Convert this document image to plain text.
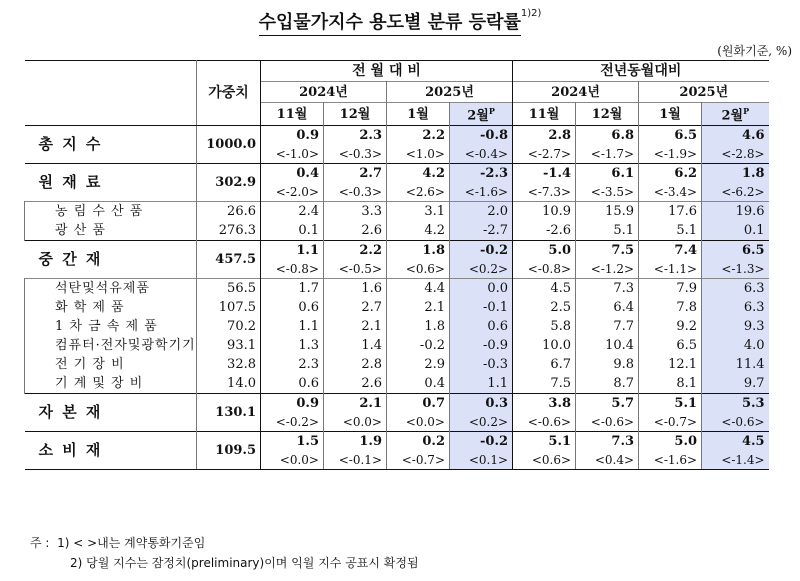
수입물가지수 용도별 분류 등락률$^{1)2)}$
(원화기준, %)
	가중치	전 월 대 비				전년동월대비			
		2024년		2025년		2024년		2025년	
		11월	12월	1월	2월$^P$	11월	12월	1월	2월$^P$
총 지 수	1000.0	0.9	2.3	2.2	-0.8	2.8	6.8	6.5	4.6
		<-1.0>	<-0.3>	<1.0>	<-0.4>	<-2.7>	<-1.7>	<-1.9>	<-2.8>
원 재 료	302.9	0.4	2.7	4.2	-2.3	-1.4	6.1	6.2	1.8
		<-2.0>	<-0.3>	<2.6>	<-1.6>	<-7.3>	<-3.5>	<-3.4>	<-6.2>

농 림 수 산 품	26.6	2.4	3.3	3.1	2.0	10.9	15.9	17.6	19.6

광 산 품	276.3	0.1	2.6	4.2	-2.7	-2.6	5.1	5.1	0.1
중 간 재	457.5	1.1	2.2	1.8	-0.2	5.0	7.5	7.4	6.5
		<-0.8>	<-0.5>	<0.6>	<0.2>	<-0.8>	<-1.2>	<-1.1>	<-1.3>

석탄및석유제품	56.5	1.7	1.6	4.4	0.0	4.5	7.3	7.9	6.3

화 학 제 품	107.5	0.6	2.7	2.1	-0.1	2.5	6.4	7.8	6.3

1 차 금 속 제 품	70.2	1.1	2.1	1.8	0.6	5.8	7.7	9.2	9.3

컴퓨터·전자및광학기기	93.1	1.3	1.4	-0.2	-0.9	10.0	10.4	6.5	4.0

전 기 장 비	32.8	2.3	2.8	2.9	-0.3	6.7	9.8	12.1	11.4

기 계 및 장 비	14.0	0.6	2.6	0.4	1.1	7.5	8.7	8.1	9.7
자 본 재	130.1	0.9	2.1	0.7	0.3	3.8	5.7	5.1	5.3
		<-0.2>	<0.0>	<0.0>	<0.2>	<-0.6>	<-0.6>	<-0.7>	<-0.6>
소 비 재	109.5	1.5	1.9	0.2	-0.2	5.1	7.3	5.0	4.5
		<0.0>	<-0.1>	<-0.7>	<0.1>	<0.6>	<0.4>	<-1.6>	<-1.4>
주 : 1) < >내는 계약통화기준임
2) 당월 지수는 잠정치(preliminary)이며 익월 지수 공표시 확정됨
